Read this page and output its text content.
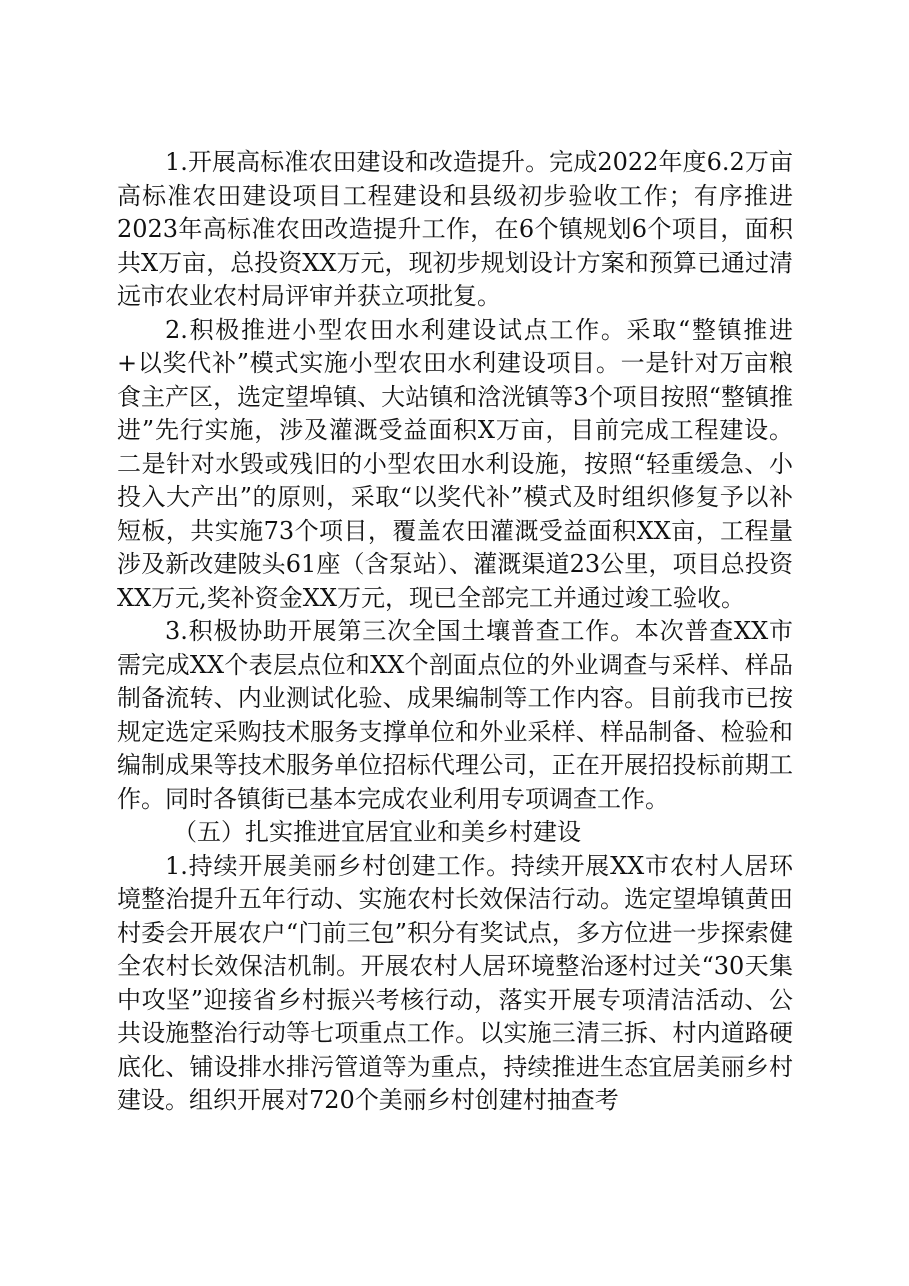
1.开展高标准农田建设和改造提升。完成2022年度6.2万亩高标准农田建设项目工程建设和县级初步验收工作；有序推进2023年高标准农田改造提升工作，在6个镇规划6个项目，面积共X万亩，总投资XX万元，现初步规划设计方案和预算已通过清远市农业农村局评审并获立项批复。

2.积极推进小型农田水利建设试点工作。采取“整镇推进+以奖代补”模式实施小型农田水利建设项目。一是针对万亩粮食主产区，选定望埠镇、大站镇和浛洸镇等3个项目按照“整镇推进”先行实施，涉及灌溉受益面积X万亩，目前完成工程建设。二是针对水毁或残旧的小型农田水利设施，按照“轻重缓急、小投入大产出”的原则，采取“以奖代补”模式及时组织修复予以补短板，共实施73个项目，覆盖农田灌溉受益面积XX亩，工程量涉及新改建陂头61座（含泵站）、灌溉渠道23公里，项目总投资XX万元,奖补资金XX万元，现已全部完工并通过竣工验收。

3.积极协助开展第三次全国土壤普查工作。本次普查XX市需完成XX个表层点位和XX个剖面点位的外业调查与采样、样品制备流转、内业测试化验、成果编制等工作内容。目前我市已按规定选定采购技术服务支撑单位和外业采样、样品制备、检验和编制成果等技术服务单位招标代理公司，正在开展招投标前期工作。同时各镇街已基本完成农业利用专项调查工作。

（五）扎实推进宜居宜业和美乡村建设

1.持续开展美丽乡村创建工作。持续开展XX市农村人居环境整治提升五年行动、实施农村长效保洁行动。选定望埠镇黄田村委会开展农户“门前三包”积分有奖试点，多方位进一步探索健全农村长效保洁机制。开展农村人居环境整治逐村过关“30天集中攻坚”迎接省乡村振兴考核行动，落实开展专项清洁活动、公共设施整治行动等七项重点工作。以实施三清三拆、村内道路硬底化、铺设排水排污管道等为重点，持续推进生态宜居美丽乡村建设。组织开展对720个美丽乡村创建村抽查考
